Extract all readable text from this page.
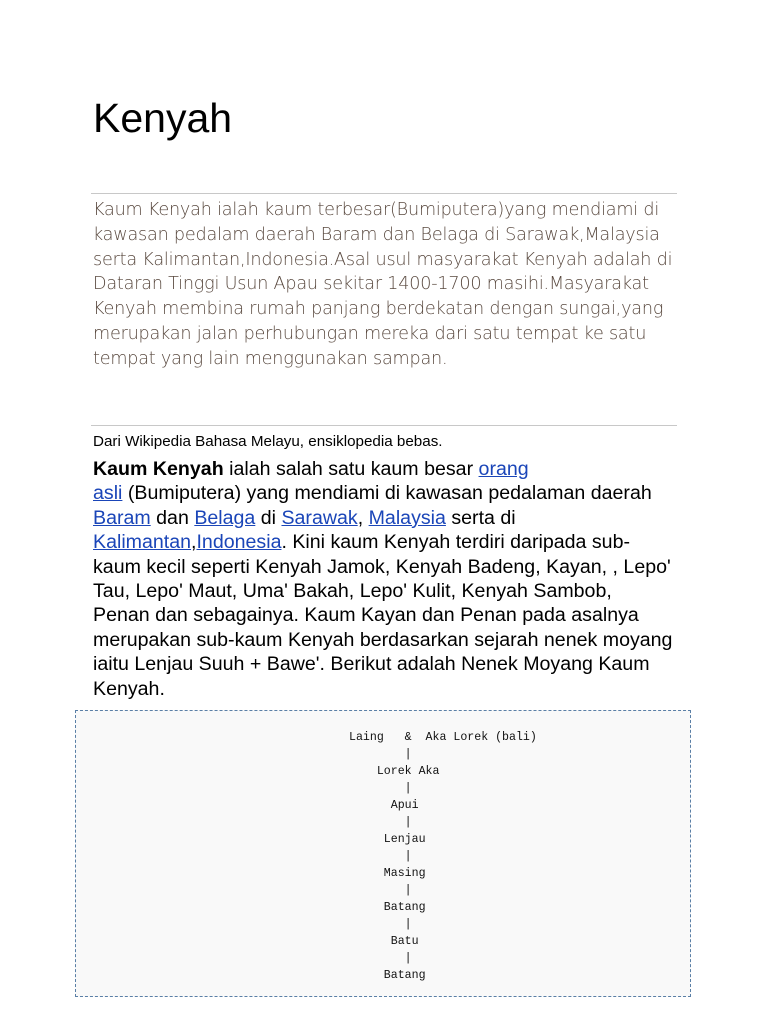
Kenyah

Kaum Kenyah ialah kaum terbesar(Bumiputera)yang mendiami di kawasan pedalam daerah Baram dan Belaga di Sarawak,Malaysia serta Kalimantan,Indonesia.Asal usul masyarakat Kenyah adalah di Dataran Tinggi Usun Apau sekitar 1400-1700 masihi.Masyarakat Kenyah membina rumah panjang berdekatan dengan sungai,yang merupakan jalan perhubungan mereka dari satu tempat ke satu tempat yang lain menggunakan sampan.

Dari Wikipedia Bahasa Melayu, ensiklopedia bebas.

Kaum Kenyah ialah salah satu kaum besar orang
asli (Bumiputera) yang mendiami di kawasan pedalaman daerah Baram dan Belaga di Sarawak, Malaysia serta di Kalimantan,Indonesia. Kini kaum Kenyah terdiri daripada sub-kaum kecil seperti Kenyah Jamok, Kenyah Badeng, Kayan, , Lepo' Tau, Lepo' Maut, Uma' Bakah, Lepo' Kulit, Kenyah Sambob, Penan dan sebagainya. Kaum Kayan dan Penan pada asalnya merupakan sub-kaum Kenyah berdasarkan sejarah nenek moyang iaitu Lenjau Suuh + Bawe'. Berikut adalah Nenek Moyang Kaum Kenyah.

Laing   &  Aka Lorek (bali)
|
Lorek Aka
|
Apui
|
Lenjau
|
Masing
|
Batang
|
Batu
|
Batang
